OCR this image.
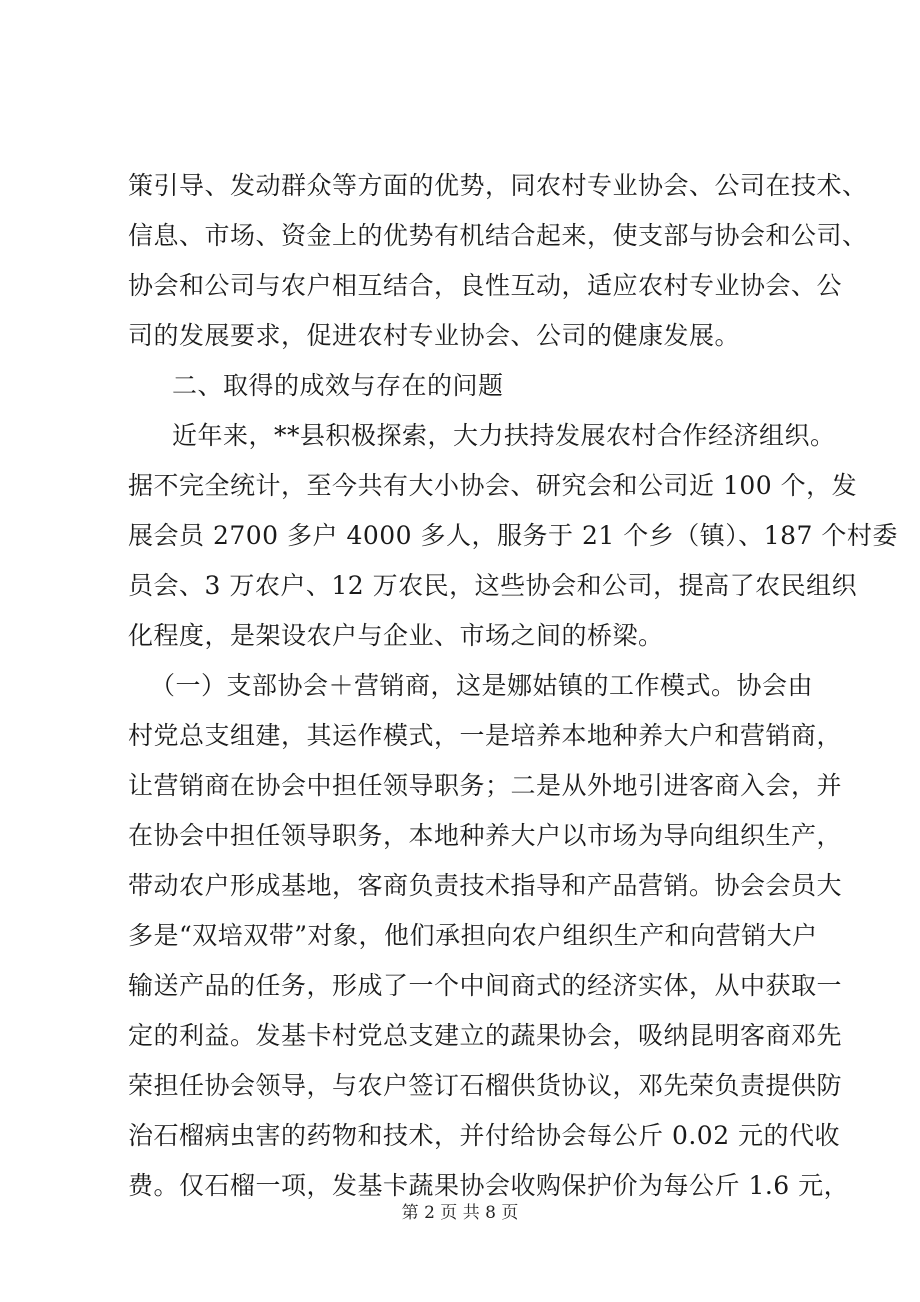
策引导、发动群众等方面的优势，同农村专业协会、公司在技术、
信息、市场、资金上的优势有机结合起来，使支部与协会和公司、
协会和公司与农户相互结合，良性互动，适应农村专业协会、公
司的发展要求，促进农村专业协会、公司的健康发展。
二、取得的成效与存在的问题
近年来，**县积极探索，大力扶持发展农村合作经济组织。
据不完全统计，至今共有大小协会、研究会和公司近 100 个，发
展会员 2700 多户 4000 多人，服务于 21 个乡（镇）、187 个村委
员会、3 万农户、12 万农民，这些协会和公司，提高了农民组织
化程度，是架设农户与企业、市场之间的桥梁。
（一）支部协会＋营销商，这是娜姑镇的工作模式。协会由
村党总支组建，其运作模式，一是培养本地种养大户和营销商，
让营销商在协会中担任领导职务；二是从外地引进客商入会，并
在协会中担任领导职务，本地种养大户以市场为导向组织生产，
带动农户形成基地，客商负责技术指导和产品营销。协会会员大
多是“双培双带”对象，他们承担向农户组织生产和向营销大户
输送产品的任务，形成了一个中间商式的经济实体，从中获取一
定的利益。发基卡村党总支建立的蔬果协会，吸纳昆明客商邓先
荣担任协会领导，与农户签订石榴供货协议，邓先荣负责提供防
治石榴病虫害的药物和技术，并付给协会每公斤 0.02 元的代收
费。仅石榴一项，发基卡蔬果协会收购保护价为每公斤 1.6 元，
第 2 页 共 8 页
